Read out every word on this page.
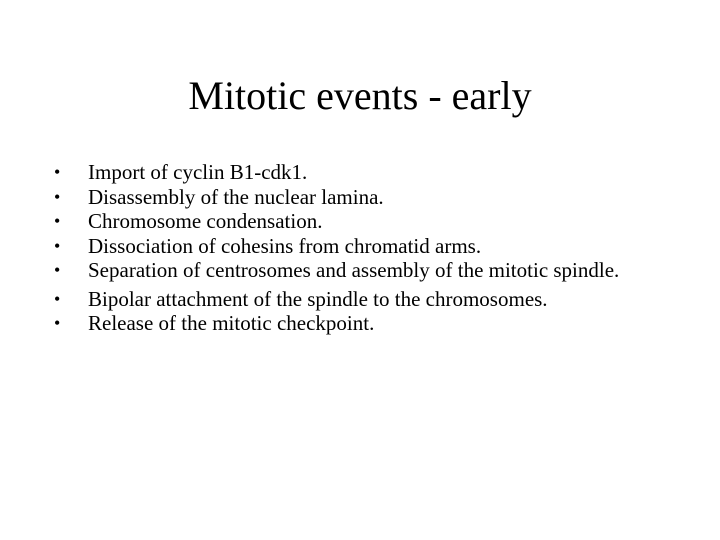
Mitotic events - early
•	Import of cyclin B1-cdk1.
•	Disassembly of the nuclear lamina.
•	Chromosome condensation.
•	Dissociation of cohesins from chromatid arms.
•	Separation of centrosomes and assembly of the mitotic spindle.
•	Bipolar attachment of the spindle to the chromosomes.
•	Release of the mitotic checkpoint.
